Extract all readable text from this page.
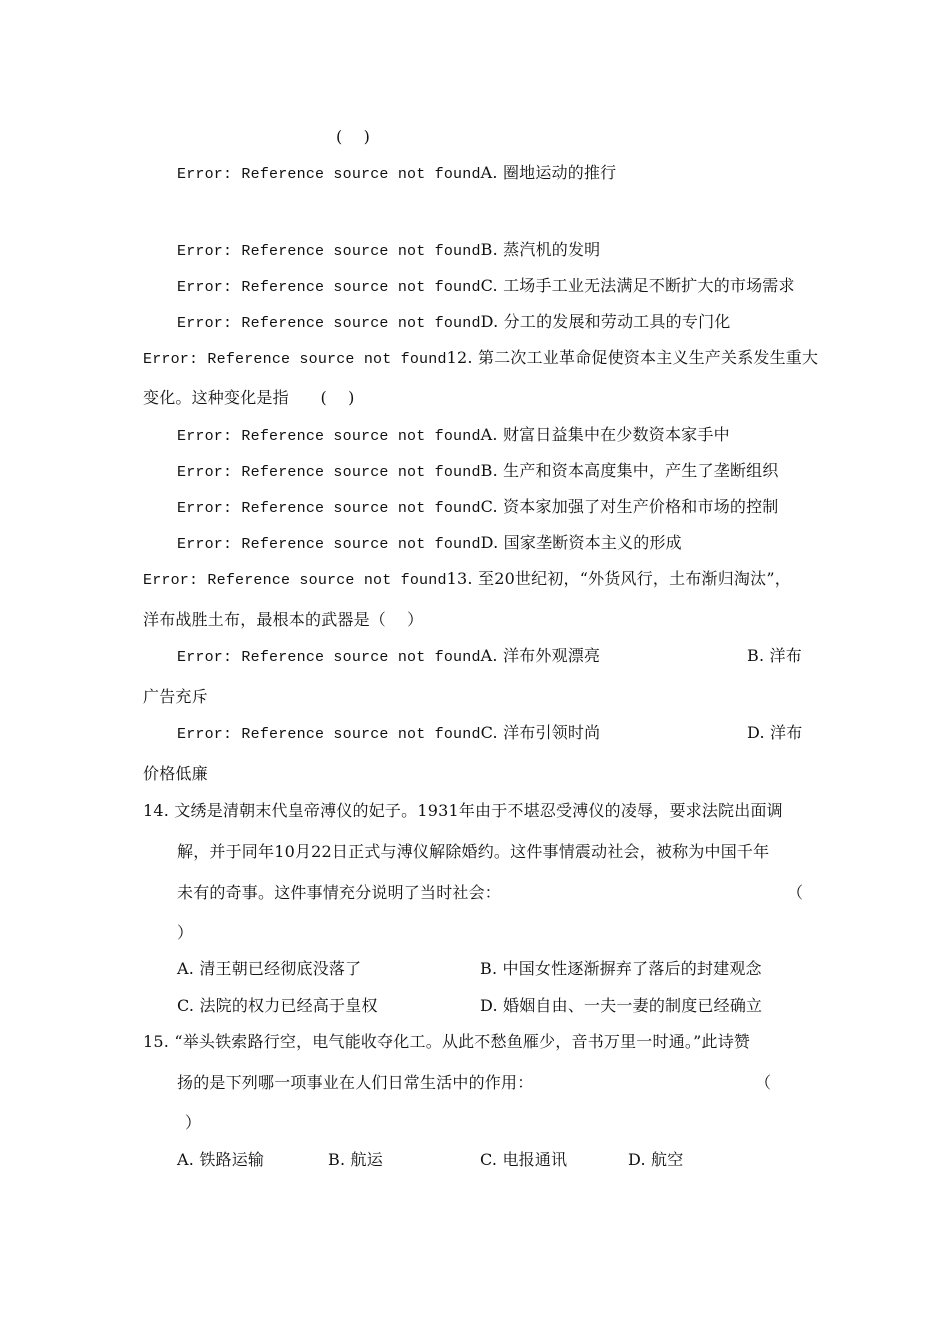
(    )
Error: Reference source not foundA. 圈地运动的推行
Error: Reference source not foundB. 蒸汽机的发明
Error: Reference source not foundC. 工场手工业无法满足不断扩大的市场需求
Error: Reference source not foundD. 分工的发展和劳动工具的专门化
Error: Reference source not found12. 第二次工业革命促使资本主义生产关系发生重大
变化。这种变化是指      (    )
Error: Reference source not foundA. 财富日益集中在少数资本家手中
Error: Reference source not foundB. 生产和资本高度集中，产生了垄断组织
Error: Reference source not foundC. 资本家加强了对生产价格和市场的控制
Error: Reference source not foundD. 国家垄断资本主义的形成
Error: Reference source not found13. 至20世纪初，“外货风行，土布渐归淘汰”，
洋布战胜土布，最根本的武器是（    ）
Error: Reference source not foundA. 洋布外观漂亮	B. 洋布
广告充斥
Error: Reference source not foundC. 洋布引领时尚	D. 洋布
价格低廉
14. 文绣是清朝末代皇帝溥仪的妃子。1931年由于不堪忍受溥仪的凌辱，要求法院出面调
解，并于同年10月22日正式与溥仪解除婚约。这件事情震动社会，被称为中国千年
未有的奇事。这件事情充分说明了当时社会：	（
）
A. 清王朝已经彻底没落了	B. 中国女性逐渐摒弃了落后的封建观念
C. 法院的权力已经高于皇权	D. 婚姻自由、一夫一妻的制度已经确立
15. “举头铁索路行空，电气能收夺化工。从此不愁鱼雁少，音书万里一时通。”此诗赞
扬的是下列哪一项事业在人们日常生活中的作用：	（
）
A. 铁路运输	B. 航运	C. 电报通讯	D. 航空
